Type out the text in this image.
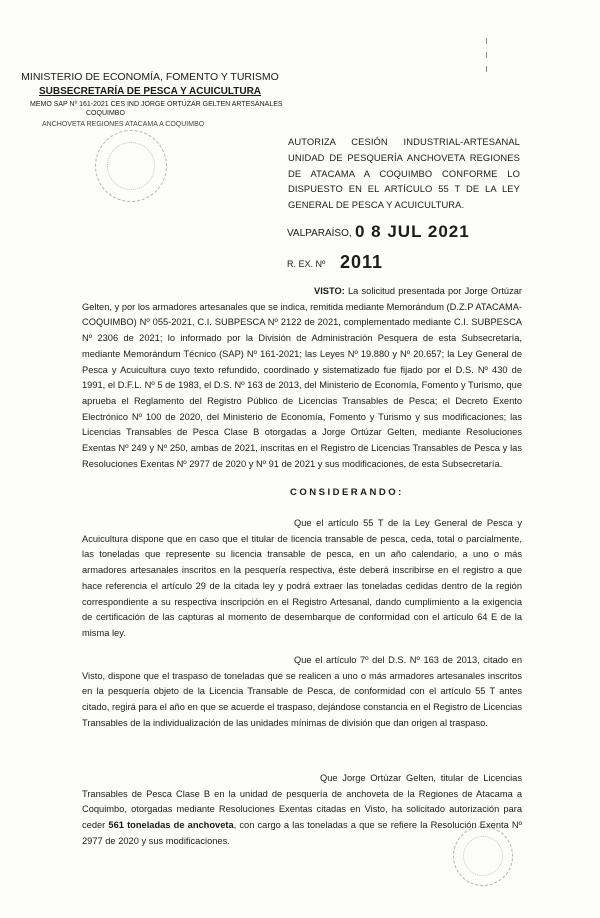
MINISTERIO DE ECONOMÍA, FOMENTO Y TURISMO
SUBSECRETARÍA DE PESCA Y ACUICULTURA
MEMO SAP Nº 161-2021 CES IND JORGE ORTÚZAR GELTEN ARTESANALES
COQUIMBO
ANCHOVETA REGIONES ATACAMA A COQUIMBO
AUTORIZA CESIÓN INDUSTRIAL-ARTESANAL UNIDAD DE PESQUERÍA ANCHOVETA REGIONES DE ATACAMA A COQUIMBO CONFORME LO DISPUESTO EN EL ARTÍCULO 55 T DE LA LEY GENERAL DE PESCA Y ACUICULTURA.
VALPARAÍSO, 0 8 JUL 2021
R. EX. Nº 2011
VISTO: La solicitud presentada por Jorge Ortúzar Gelten, y por los armadores artesanales que se indica, remitida mediante Memorándum (D.Z.P ATACAMA-COQUIMBO) Nº 055-2021, C.I. SUBPESCA Nº 2122 de 2021, complementado mediante C.I. SUBPESCA Nº 2306 de 2021; lo informado por la División de Administración Pesquera de esta Subsecretaría, mediante Memorándum Técnico (SAP) Nº 161-2021; las Leyes Nº 19.880 y Nº 20.657; la Ley General de Pesca y Acuicultura cuyo texto refundido, coordinado y sistematizado fue fijado por el D.S. Nº 430 de 1991, el D.F.L. Nº 5 de 1983, el D.S. Nº 163 de 2013, del Ministerio de Economía, Fomento y Turismo, que aprueba el Reglamento del Registro Público de Licencias Transables de Pesca; el Decreto Exento Electrónico Nº 100 de 2020, del Ministerio de Economía, Fomento y Turismo y sus modificaciones; las Licencias Transables de Pesca Clase B otorgadas a Jorge Ortúzar Gelten, mediante Resoluciones Exentas Nº 249 y Nº 250, ambas de 2021, inscritas en el Registro de Licencias Transables de Pesca y las Resoluciones Exentas Nº 2977 de 2020 y Nº 91 de 2021 y sus modificaciones, de esta Subsecretaría.
CONSIDERANDO:
Que el artículo 55 T de la Ley General de Pesca y Acuicultura dispone que en caso que el titular de licencia transable de pesca, ceda, total o parcialmente, las toneladas que represente su licencia transable de pesca, en un año calendario, a uno o más armadores artesanales inscritos en la pesquería respectiva, éste deberá inscribirse en el registro a que hace referencia el artículo 29 de la citada ley y podrá extraer las toneladas cedidas dentro de la región correspondiente a su respectiva inscripción en el Registro Artesanal, dando cumplimiento a la exigencia de certificación de las capturas al momento de desembarque de conformidad con el artículo 64 E de la misma ley.
Que el artículo 7º del D.S. Nº 163 de 2013, citado en Visto, dispone que el traspaso de toneladas que se realicen a uno o más armadores artesanales inscritos en la pesquería objeto de la Licencia Transable de Pesca, de conformidad con el artículo 55 T antes citado, regirá para el año en que se acuerde el traspaso, dejándose constancia en el Registro de Licencias Transables de la individualización de las unidades mínimas de división que dan origen al traspaso.
Que Jorge Ortúzar Gelten, titular de Licencias Transables de Pesca Clase B en la unidad de pesquería de anchoveta de la Regiones de Atacama a Coquimbo, otorgadas mediante Resoluciones Exentas citadas en Visto, ha solicitado autorización para ceder 561 toneladas de anchoveta, con cargo a las toneladas a que se refiere la Resolución Exenta Nº 2977 de 2020 y sus modificaciones.
